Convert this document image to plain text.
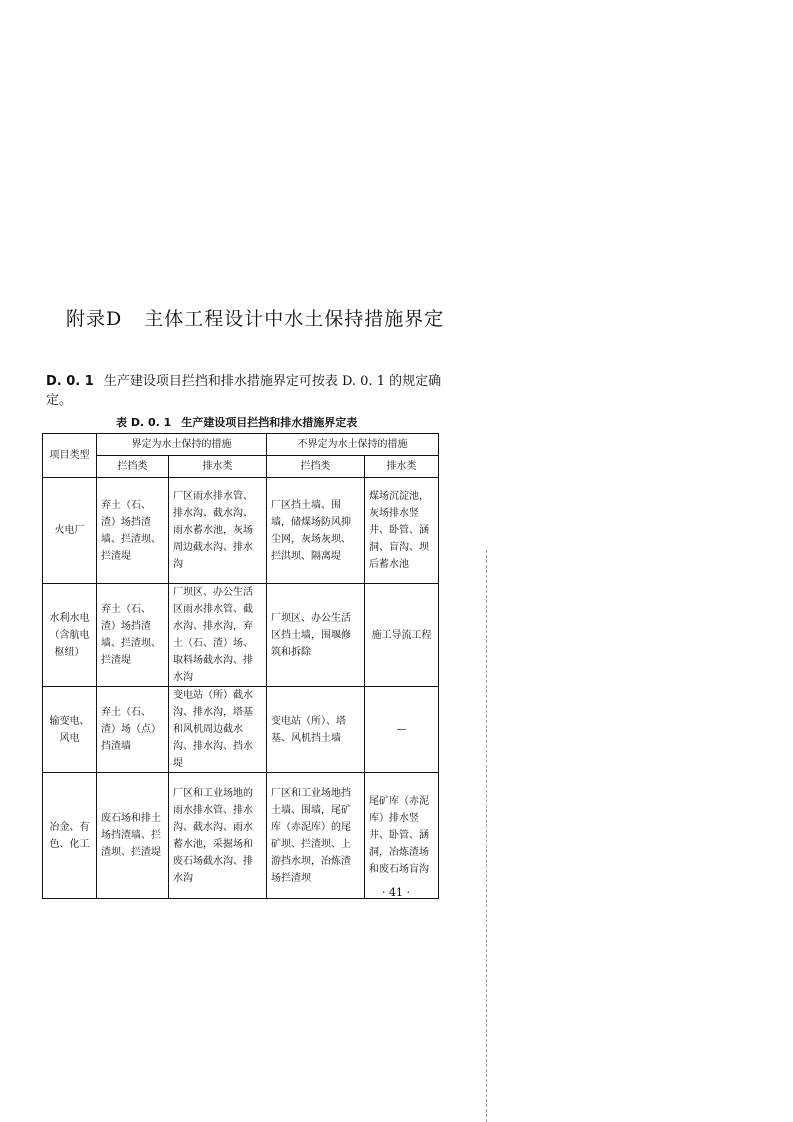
附录D 主体工程设计中水土保持措施界定
D. 0. 1 生产建设项目拦挡和排水措施界定可按表 D. 0. 1 的规定确定。
表 D. 0. 1 生产建设项目拦挡和排水措施界定表
项目类型	界定为水土保持的措施		不界定为水土保持的措施	
	拦挡类	排水类	拦挡类	排水类
火电厂	弃土（石、渣）场挡渣墙、拦渣坝、拦渣堤	厂区雨水排水管、排水沟、截水沟、雨水蓄水池，灰场周边截水沟、排水沟	厂区挡土墙、围墙，储煤场防风抑尘网，灰场灰坝、拦洪坝、隔离堤	煤场沉淀池，灰场排水竖井、卧管、涵洞、盲沟、坝后蓄水池
水利水电（含航电枢纽）	弃土（石、渣）场挡渣墙、拦渣坝、拦渣堤	厂坝区、办公生活区雨水排水管、截水沟、排水沟，弃土（石、渣）场、取料场截水沟、排水沟	厂坝区、办公生活区挡土墙，围堰修筑和拆除	施工导流工程
输变电、风电	弃土（石、渣）场（点）挡渣墙	变电站（所）截水沟、排水沟，塔基和风机周边截水沟、排水沟、挡水堤	变电站（所）、塔基、风机挡土墙	—
冶金、有色、化工	废石场和排土场挡渣墙、拦渣坝、拦渣堤	厂区和工业场地的雨水排水管、排水沟、截水沟、雨水蓄水池，采掘场和废石场截水沟、排水沟	厂区和工业场地挡土墙、围墙，尾矿库（赤泥库）的尾矿坝、拦渣坝、上游挡水坝，冶炼渣场拦渣坝	尾矿库（赤泥库）排水竖井、卧管、涵洞，冶炼渣场和废石场盲沟
· 41 ·
